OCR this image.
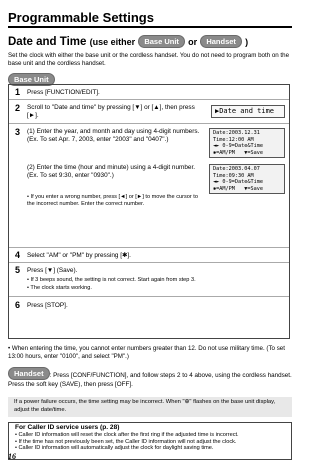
Programmable Settings
Date and Time (use either Base Unit or Handset )
Set the clock with either the base unit or the cordless handset. You do not need to program both on the base unit and the cordless handset.
Base Unit
1 Press [FUNCTION/EDIT].
2 Scroll to "Date and time" by pressing [▼] or [▲], then press [►].
▶Date and time
3 (1) Enter the year, and month and day using 4-digit numbers. (Ex. To set Apr. 7, 2003, enter "2003" and "0407".)
(2) Enter the time (hour and minute) using a 4-digit number. (Ex. To set 9:30, enter "0930".)
• If you enter a wrong number, press [◄] or [►] to move the cursor to the incorrect number. Enter the correct number.
Date:2003.12.31
Time:12:00 AM
◄► 0-9=Date&Time
✱=AM/PM   ▼=Save
Date:2003.04.07
Time:09:30 AM
◄► 0-9=Date&Time
✱=AM/PM   ▼=Save
4 Select "AM" or "PM" by pressing [✱].
5 Press [▼] (Save).
• If 3 beeps sound, the setting is not correct. Start again from step 3.
• The clock starts working.
6 Press [STOP].
• When entering the time, you cannot enter numbers greater than 12. Do not use military time. (To set 13:00 hours, enter "0100", and select "PM".)
Handset : Press [CONF/FUNCTION], and follow steps 2 to 4 above, using the cordless handset. Press the soft key (SAVE), then press [OFF].
If a power failure occurs, the time setting may be incorrect. When "⊕" flashes on the base unit display, adjust the date/time.
For Caller ID service users (p. 28)
• Caller ID information will reset the clock after the first ring if the adjusted time is incorrect.
• If the time has not previously been set, the Caller ID information will not adjust the clock.
• Caller ID information will automatically adjust the clock for daylight saving time.
16
